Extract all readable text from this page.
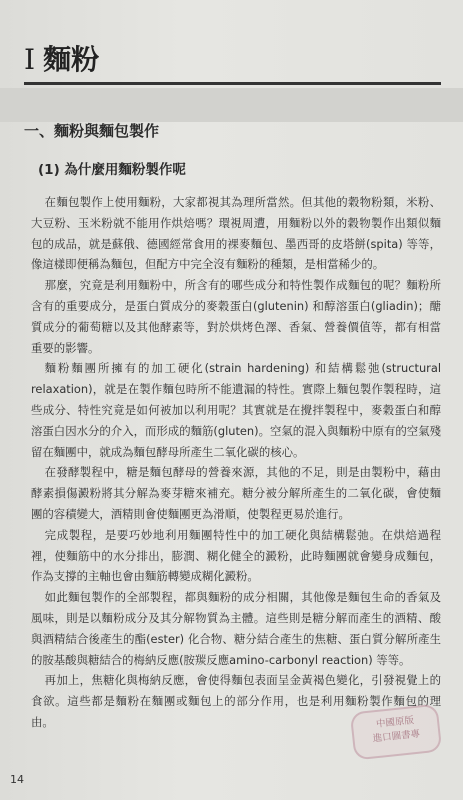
I 麵粉
一、麵粉與麵包製作
(1) 為什麼用麵粉製作呢

在麵包製作上使用麵粉，大家都視其為理所當然。但其他的穀物粉類，米粉、大豆粉、玉米粉就不能用作烘焙嗎？環視周遭，用麵粉以外的穀物製作出類似麵包的成品，就是蘇俄、德國經常食用的裸麥麵包、墨西哥的皮塔餅(spita) 等等，像這樣即便稱為麵包，但配方中完全沒有麵粉的種類，是相當稀少的。

那麼，究竟是利用麵粉中，所含有的哪些成分和特性製作成麵包的呢？麵粉所含有的重要成分，是蛋白質成分的麥穀蛋白(glutenin) 和醇溶蛋白(gliadin)；醣質成分的葡萄糖以及其他酵素等，對於烘烤色澤、香氣、營養價值等，都有相當重要的影響。

麵粉麵團所擁有的加工硬化(strain hardening) 和結構鬆弛(structural relaxation)，就是在製作麵包時所不能遺漏的特性。實際上麵包製作製程時，這些成分、特性究竟是如何被加以利用呢？其實就是在攪拌製程中，麥穀蛋白和醇溶蛋白因水分的介入，而形成的麵筋(gluten)。空氣的混入與麵粉中原有的空氣殘留在麵團中，就成為麵包酵母所產生二氧化碳的核心。

在發酵製程中，糖是麵包酵母的營養來源，其他的不足，則是由製粉中，藉由酵素損傷澱粉將其分解為麥芽糖來補充。糖分被分解所產生的二氧化碳，會使麵團的容積變大，酒精則會使麵團更為滑順，使製程更易於進行。

完成製程，是要巧妙地利用麵團特性中的加工硬化與結構鬆弛。在烘焙過程裡，使麵筋中的水分排出，膨潤、糊化健全的澱粉，此時麵團就會變身成麵包，作為支撐的主軸也會由麵筋轉變成糊化澱粉。

如此麵包製作的全部製程，都與麵粉的成分相關，其他像是麵包生命的香氣及風味，則是以麵粉成分及其分解物質為主體。這些則是糖分解而產生的酒精、酸與酒精結合後產生的酯(ester) 化合物、糖分結合產生的焦糖、蛋白質分解所產生的胺基酸與糖結合的梅納反應(胺羰反應amino-carbonyl reaction) 等等。

再加上，焦糖化與梅納反應，會使得麵包表面呈金黃褐色變化，引發視覺上的食欲。這些都是麵粉在麵團或麵包上的部分作用，也是利用麵粉製作麵包的理由。	中國原版
進口圖書專
14
